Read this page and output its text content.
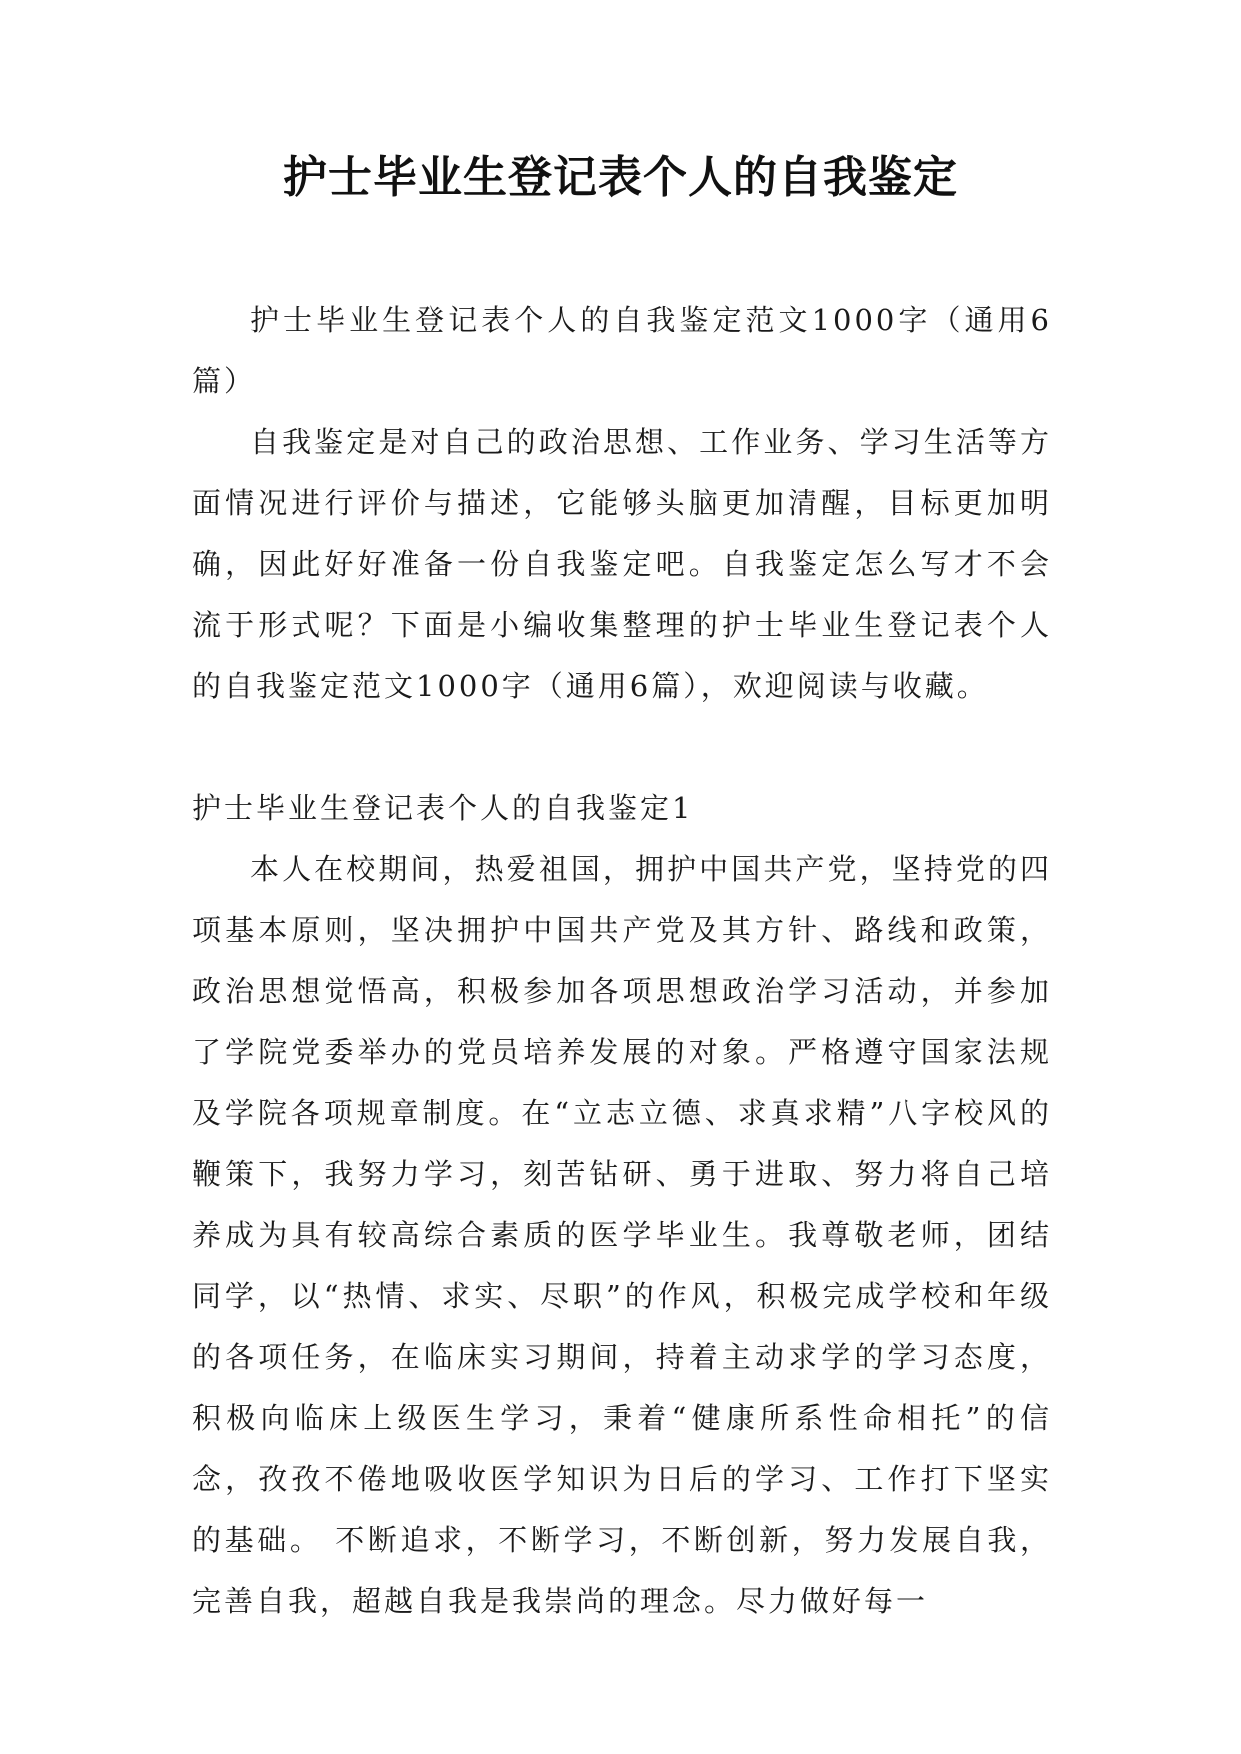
护士毕业生登记表个人的自我鉴定

护士毕业生登记表个人的自我鉴定范文1000字（通用6篇）

自我鉴定是对自己的政治思想、工作业务、学习生活等方面情况进行评价与描述，它能够头脑更加清醒，目标更加明确，因此好好准备一份自我鉴定吧。自我鉴定怎么写才不会流于形式呢？下面是小编收集整理的护士毕业生登记表个人的自我鉴定范文1000字（通用6篇），欢迎阅读与收藏。

护士毕业生登记表个人的自我鉴定1

本人在校期间，热爱祖国，拥护中国共产党，坚持党的四项基本原则，坚决拥护中国共产党及其方针、路线和政策，政治思想觉悟高，积极参加各项思想政治学习活动，并参加了学院党委举办的党员培养发展的对象。严格遵守国家法规及学院各项规章制度。在“立志立德、求真求精”八字校风的鞭策下，我努力学习，刻苦钻研、勇于进取、努力将自己培养成为具有较高综合素质的医学毕业生。我尊敬老师，团结同学，以“热情、求实、尽职”的作风，积极完成学校和年级的各项任务，在临床实习期间，持着主动求学的学习态度，积极向临床上级医生学习，秉着“健康所系性命相托”的信念，孜孜不倦地吸收医学知识为日后的学习、工作打下坚实的基础。 不断追求，不断学习，不断创新，努力发展自我，完善自我，超越自我是我崇尚的理念。尽力做好每一
